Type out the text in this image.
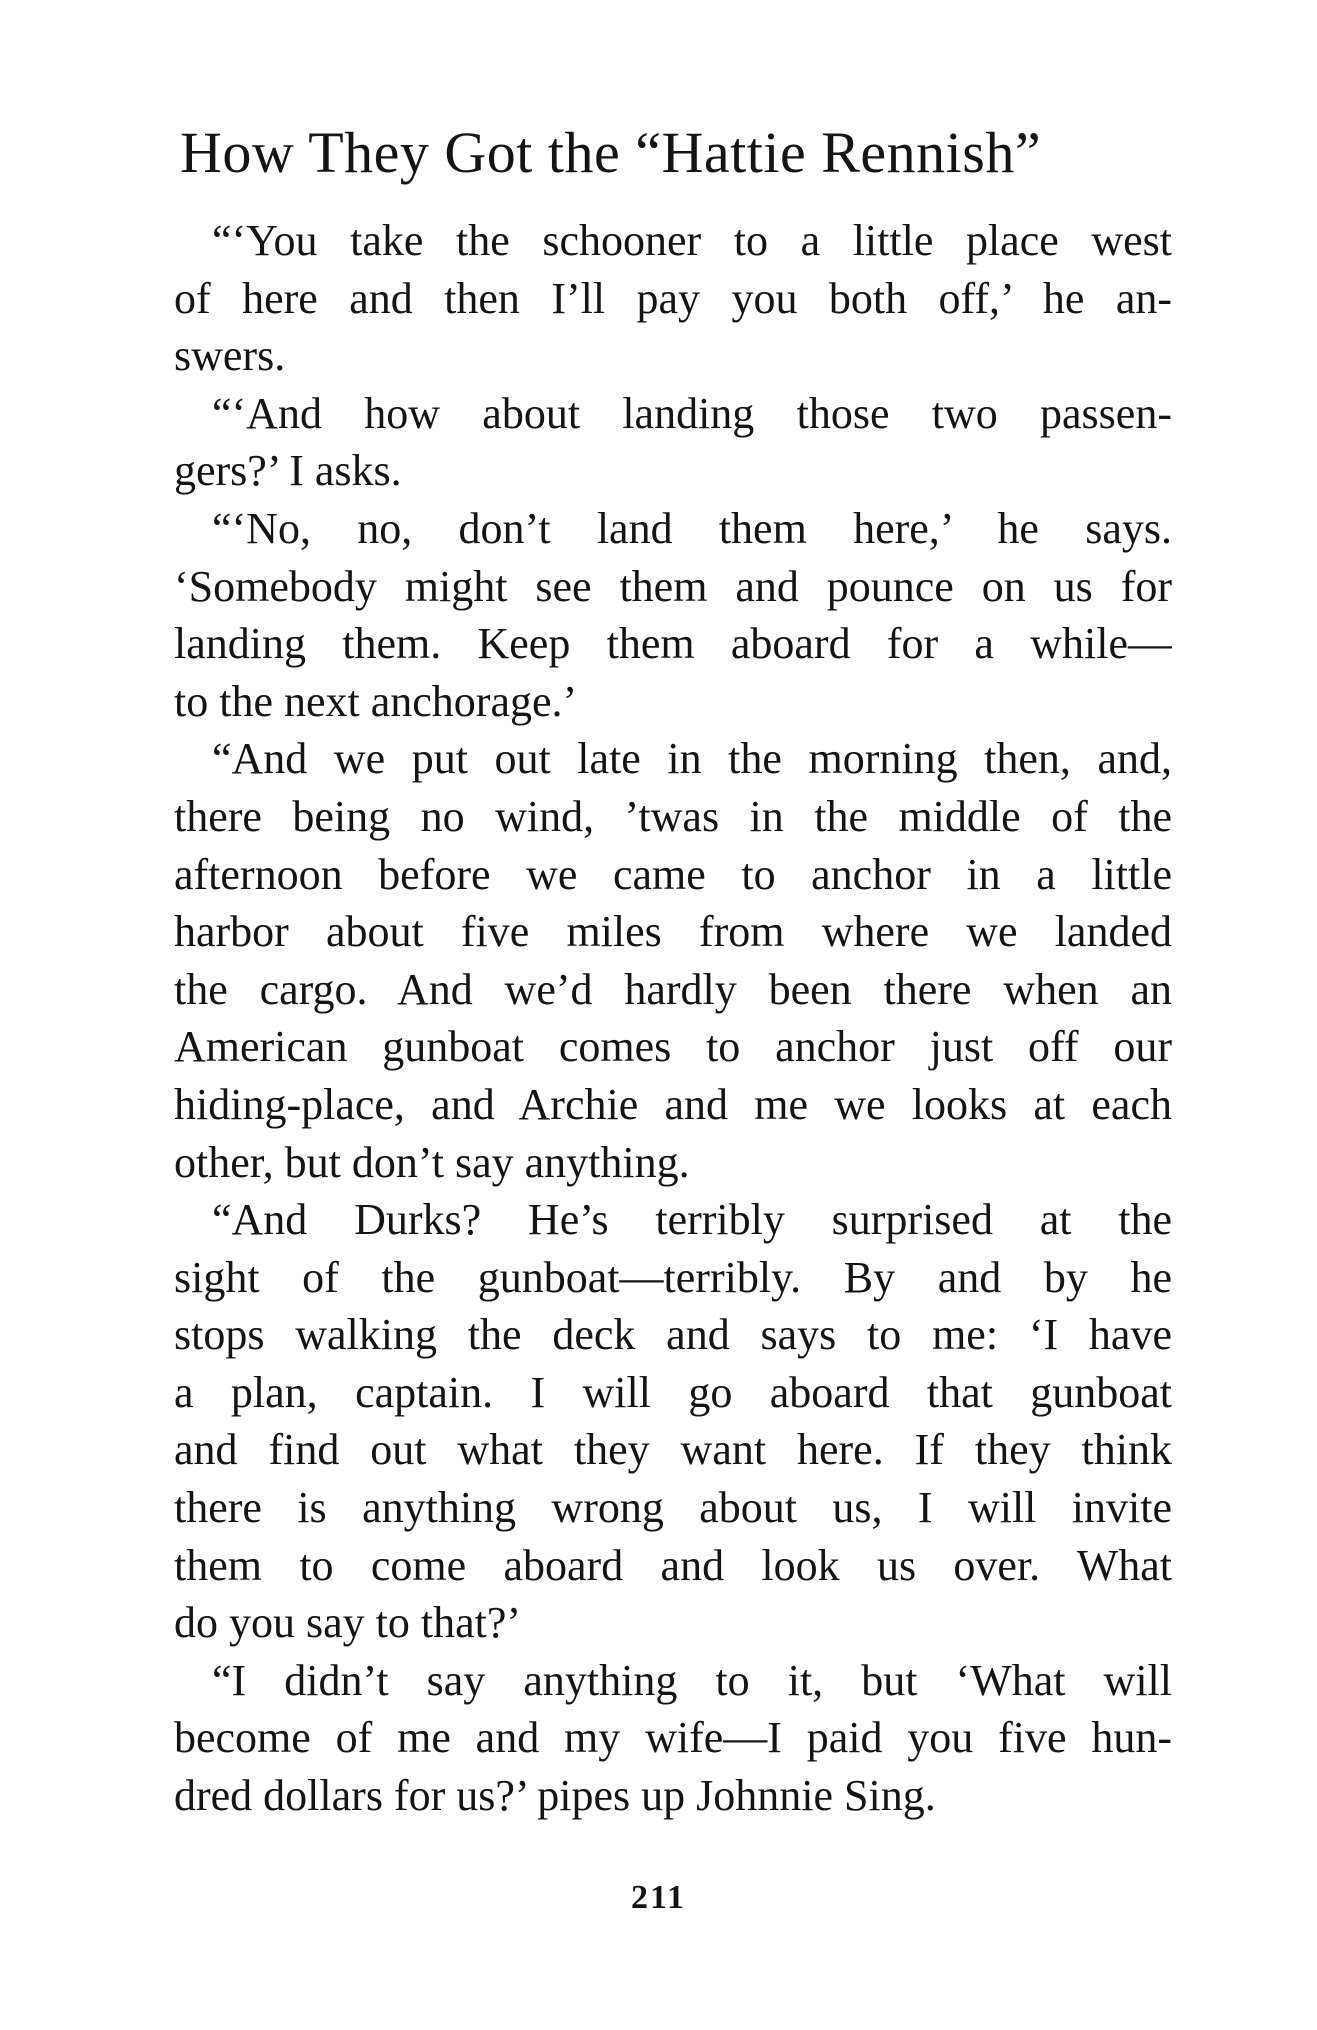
How They Got the “Hattie Rennish”
“‘You take the schooner to a little place west
of here and then I’ll pay you both off,’ he an-
swers.
“‘And how about landing those two passen-
gers?’ I asks.
“‘No, no, don’t land them here,’ he says.
‘Somebody might see them and pounce on us for
landing them. Keep them aboard for a while—
to the next anchorage.’
“And we put out late in the morning then, and,
there being no wind, ’twas in the middle of the
afternoon before we came to anchor in a little
harbor about five miles from where we landed
the cargo. And we’d hardly been there when an
American gunboat comes to anchor just off our
hiding-place, and Archie and me we looks at each
other, but don’t say anything.
“And Durks? He’s terribly surprised at the
sight of the gunboat—terribly. By and by he
stops walking the deck and says to me: ‘I have
a plan, captain. I will go aboard that gunboat
and find out what they want here. If they think
there is anything wrong about us, I will invite
them to come aboard and look us over. What
do you say to that?’
“I didn’t say anything to it, but ‘What will
become of me and my wife—I paid you five hun-
dred dollars for us?’ pipes up Johnnie Sing.
211
